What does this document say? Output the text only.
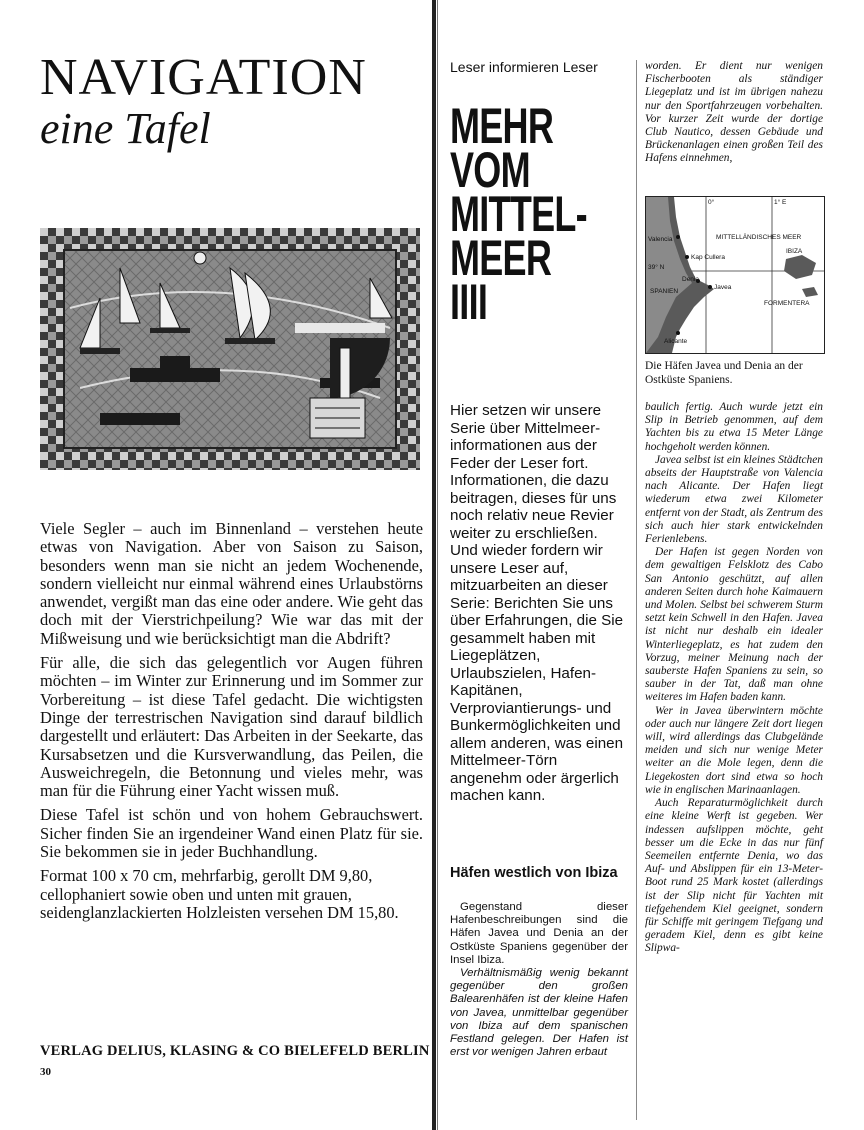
NAVIGATION
eine Tafel

Viele Segler – auch im Binnenland – verstehen heute etwas von Navigation. Aber von Saison zu Saison, besonders wenn man sie nicht an jedem Wochenende, sondern vielleicht nur einmal während eines Urlaubstörns anwendet, vergißt man das eine oder andere. Wie geht das doch mit der Vierstrichpeilung? Wie war das mit der Mißweisung und wie berücksichtigt man die Abdrift?

Für alle, die sich das gelegentlich vor Augen führen möchten – im Winter zur Erinnerung und im Sommer zur Vorbereitung – ist diese Tafel gedacht. Die wichtigsten Dinge der terrestrischen Navigation sind darauf bildlich dargestellt und erläutert: Das Arbeiten in der Seekarte, das Kursabsetzen und die Kursverwandlung, das Peilen, die Ausweichregeln, die Betonnung und vieles mehr, was man für die Führung einer Yacht wissen muß.

Diese Tafel ist schön und von hohem Gebrauchswert. Sicher finden Sie an irgendeiner Wand einen Platz für sie. Sie bekommen sie in jeder Buchhandlung.

Format 100 x 70 cm, mehrfarbig, gerollt DM 9,80, cellophaniert sowie oben und unten mit grauen, seidenglanzlackierten Holzleisten versehen DM 15,80.

VERLAG DELIUS, KLASING & CO BIELEFELD BERLIN
30
Leser informieren Leser
MEHR
VOM
MITTEL-
MEER
IIII
Hier setzen wir unsere Serie über Mittelmeer-informationen aus der Feder der Leser fort. Informationen, die dazu beitragen, dieses für uns noch relativ neue Revier weiter zu erschließen. Und wieder fordern wir unsere Leser auf, mitzuarbeiten an dieser Serie: Berichten Sie uns über Erfahrungen, die Sie gesammelt haben mit Liegeplätzen, Urlaubszielen, Hafen-Kapitänen, Verproviantierungs- und Bunkermöglichkeiten und allem anderen, was einen Mittelmeer-Törn angenehm oder ärgerlich machen kann.
Häfen westlich von Ibiza

Gegenstand dieser Hafenbeschreibungen sind die Häfen Javea und Denia an der Ostküste Spaniens gegenüber der Insel Ibiza.

Verhältnismäßig wenig bekannt gegenüber den großen Balearenhäfen ist der kleine Hafen von Javea, unmittelbar gegenüber von Ibiza auf dem spanischen Festland gelegen. Der Hafen ist erst vor wenigen Jahren erbaut

worden. Er dient nur wenigen Fischerbooten als ständiger Liegeplatz und ist im übrigen nahezu nur den Sportfahrzeugen vorbehalten. Vor kurzer Zeit wurde der dortige Club Nautico, dessen Gebäude und Brückenanlagen einen großen Teil des Hafens einnehmen,
0°	1° E
39° N
MITTELLÄNDISCHES MEER
SPANIEN
Valencia
Kap Cullera
Denia
Javea
IBIZA
FORMENTERA
Alicante
Die Häfen Javea und Denia an der Ostküste Spaniens.

baulich fertig. Auch wurde jetzt ein Slip in Betrieb genommen, auf dem Yachten bis zu etwa 15 Meter Länge hochgeholt werden können.

Javea selbst ist ein kleines Städtchen abseits der Hauptstraße von Valencia nach Alicante. Der Hafen liegt wiederum etwa zwei Kilometer entfernt von der Stadt, als Zentrum des sich auch hier stark entwickelnden Ferienlebens.

Der Hafen ist gegen Norden von dem gewaltigen Felsklotz des Cabo San Antonio geschützt, auf allen anderen Seiten durch hohe Kaimauern und Molen. Selbst bei schwerem Sturm setzt kein Schwell in den Hafen. Javea ist nicht nur deshalb ein idealer Winterliegeplatz, es hat zudem den Vorzug, meiner Meinung nach der sauberste Hafen Spaniens zu sein, so sauber in der Tat, daß man ohne weiteres im Hafen baden kann.

Wer in Javea überwintern möchte oder auch nur längere Zeit dort liegen will, wird allerdings das Clubgelände meiden und sich nur wenige Meter weiter an die Mole legen, denn die Liegekosten dort sind etwa so hoch wie in englischen Marinaanlagen.

Auch Reparaturmöglichkeit durch eine kleine Werft ist gegeben. Wer indessen aufslippen möchte, geht besser um die Ecke in das nur fünf Seemeilen entfernte Denia, wo das Auf- und Abslippen für ein 13-Meter-Boot rund 25 Mark kostet (allerdings ist der Slip nicht für Yachten mit tiefgehendem Kiel geeignet, sondern für Schiffe mit geringem Tiefgang und geradem Kiel, denn es gibt keine Slipwa-
